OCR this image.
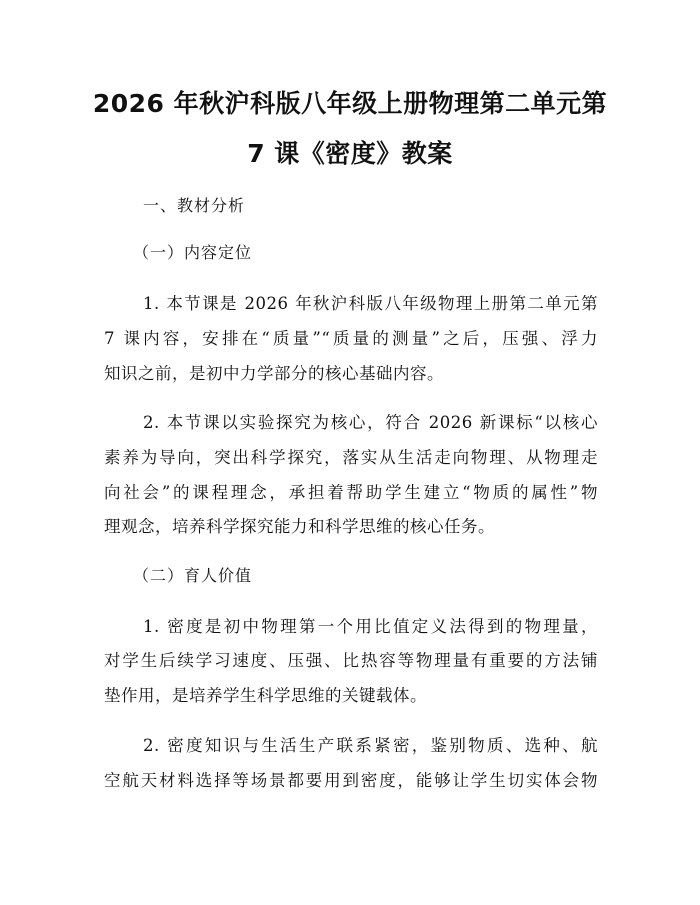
2026 年秋沪科版八年级上册物理第二单元第
7 课《密度》教案

一、教材分析

（一）内容定位

1. 本节课是 2026 年秋沪科版八年级物理上册第二单元第

7 课内容，安排在“质量”“质量的测量”之后，压强、浮力

知识之前，是初中力学部分的核心基础内容。

2. 本节课以实验探究为核心，符合 2026 新课标“以核心

素养为导向，突出科学探究，落实从生活走向物理、从物理走

向社会”的课程理念，承担着帮助学生建立“物质的属性”物

理观念，培养科学探究能力和科学思维的核心任务。

（二）育人价值

1. 密度是初中物理第一个用比值定义法得到的物理量，

对学生后续学习速度、压强、比热容等物理量有重要的方法铺

垫作用，是培养学生科学思维的关键载体。

2. 密度知识与生活生产联系紧密，鉴别物质、选种、航

空航天材料选择等场景都要用到密度，能够让学生切实体会物
